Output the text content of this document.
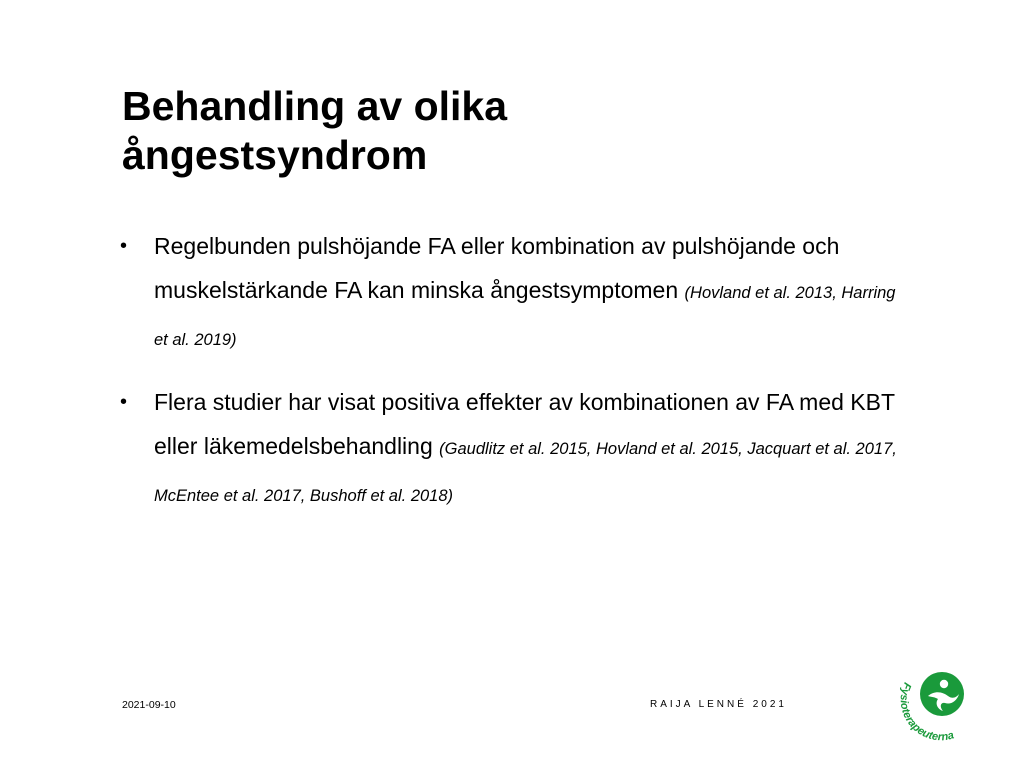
Behandling av olika
ångestsyndrom
• Regelbunden pulshöjande FA eller kombination av pulshöjande och muskelstärkande FA kan minska ångestsymptomen (Hovland et al. 2013, Harring et al. 2019)
• Flera studier har visat positiva effekter av kombinationen av FA med KBT eller läkemedelsbehandling (Gaudlitz et al. 2015, Hovland et al. 2015, Jacquart et al. 2017, McEntee et al. 2017, Bushoff et al. 2018)
2021-09-10	RAIJA LENNÉ 2021
Fysioterapeuterna
